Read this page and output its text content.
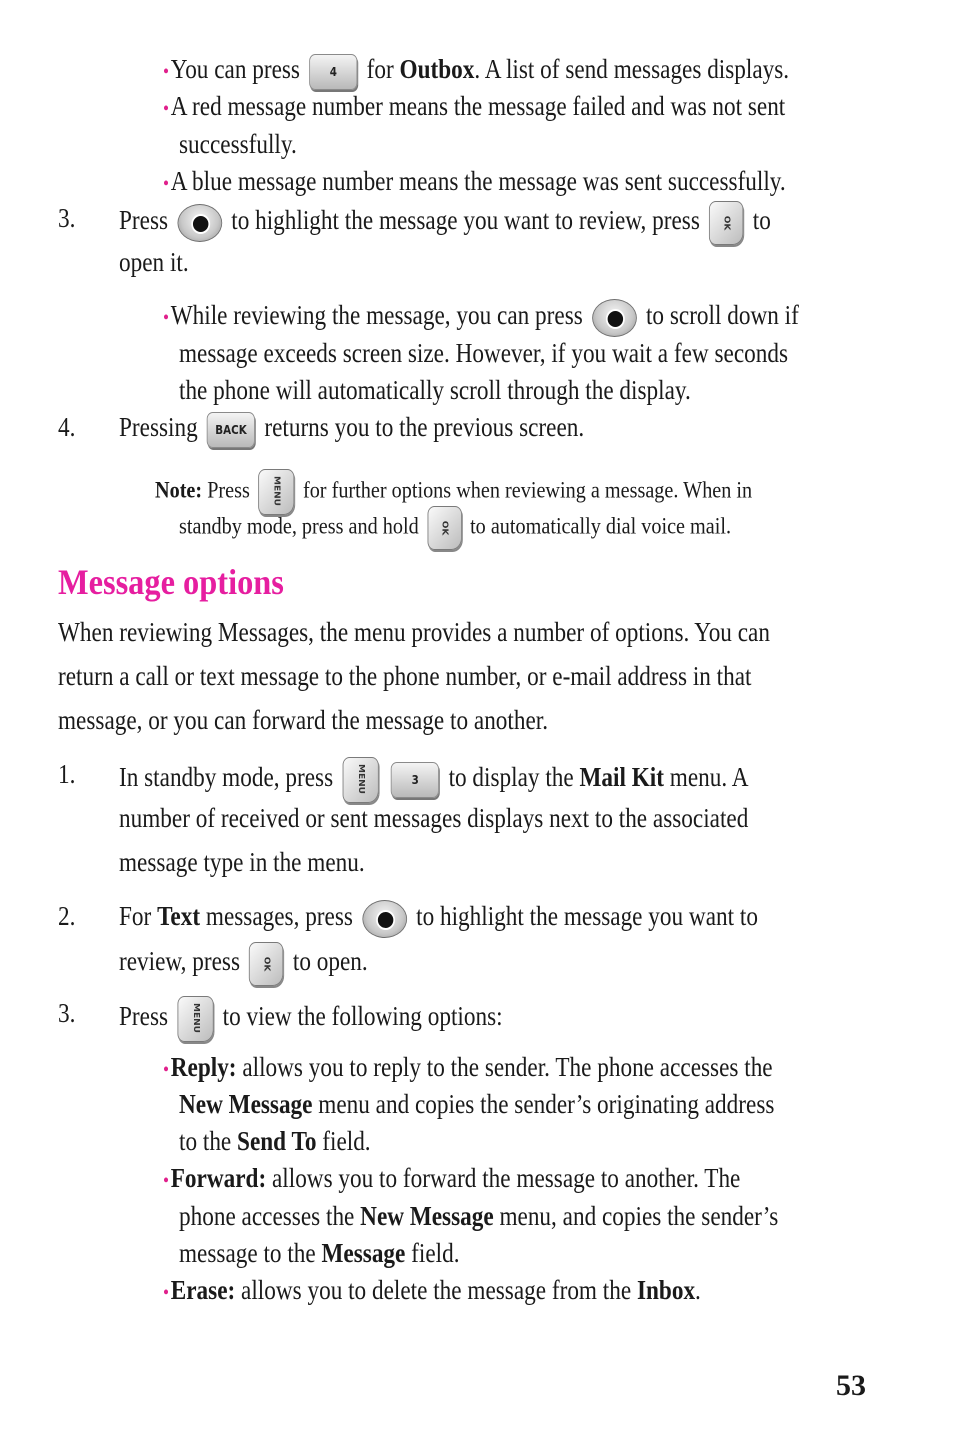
•You can press 4 for Outbox. A list of send messages displays.
•A red message number means the message failed and was not sent
successfully.
•A blue message number means the message was sent successfully.
3. Press to highlight the message you want to review, press OK to
open it.
•While reviewing the message, you can press to scroll down if
message exceeds screen size. However, if you wait a few seconds
the phone will automatically scroll through the display.
4. Pressing BACK returns you to the previous screen.
Note: Press MENU for further options when reviewing a message. When in
standby mode, press and hold OK to automatically dial voice mail.
Message options
When reviewing Messages, the menu provides a number of options. You can
return a call or text message to the phone number, or e-mail address in that
message, or you can forward the message to another.
1. In standby mode, press	MENU	3 to display the Mail Kit menu. A
number of received or sent messages displays next to the associated
message type in the menu.
2. For Text messages, press to highlight the message you want to
review, press OK to open.
3. Press	MENU to view the following options:
•Reply: allows you to reply to the sender. The phone accesses the
New Message menu and copies the sender’s originating address
to the Send To field.
•Forward: allows you to forward the message to another. The
phone accesses the New Message menu, and copies the sender’s
message to the Message field.
•Erase: allows you to delete the message from the Inbox.
53
